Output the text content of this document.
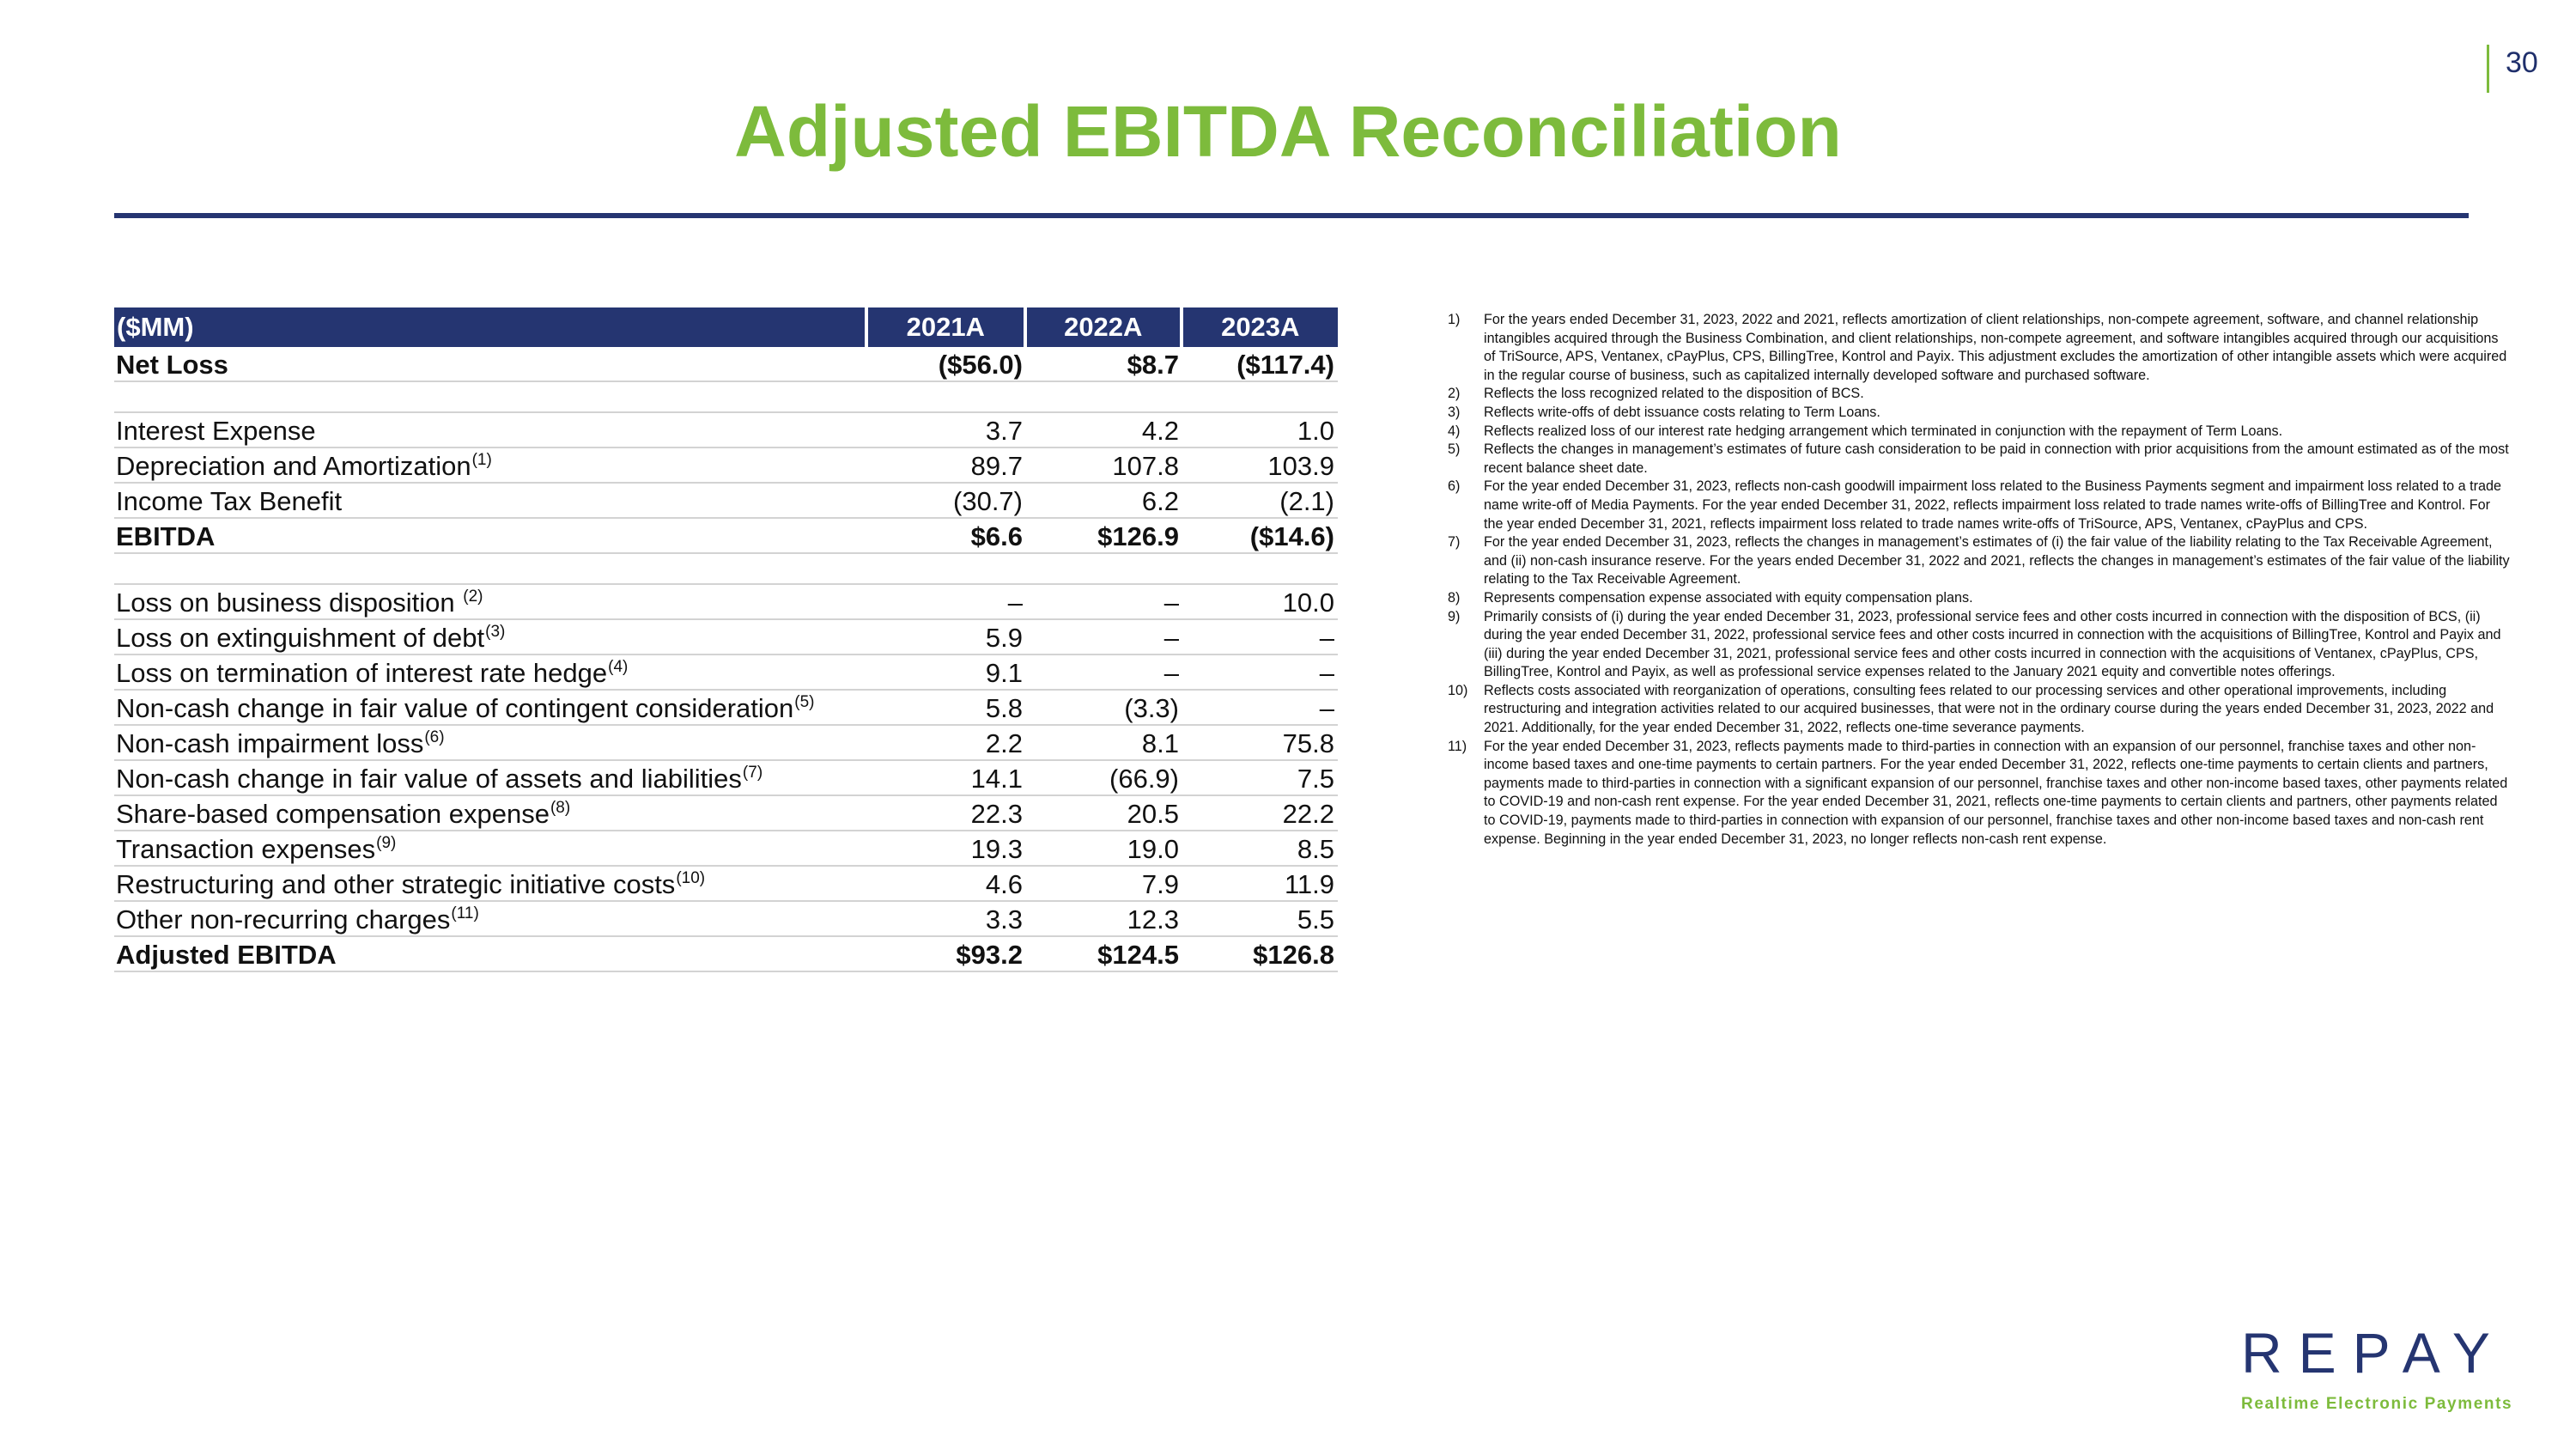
30
Adjusted EBITDA Reconciliation
($MM)	2021A	2022A	2023A
Net Loss	($56.0)	$8.7	($117.4)
Interest Expense	3.7	4.2	1.0
Depreciation and Amortization$^{(1)}$	89.7	107.8	103.9
Income Tax Benefit	(30.7)	6.2	(2.1)
EBITDA	$6.6	$126.9	($14.6)
Loss on business disposition $^{(2)}$	–	–	10.0
Loss on extinguishment of debt$^{(3)}$	5.9	–	–
Loss on termination of interest rate hedge$^{(4)}$	9.1	–	–
Non-cash change in fair value of contingent consideration$^{(5)}$	5.8	(3.3)	–
Non-cash impairment loss$^{(6)}$	2.2	8.1	75.8
Non-cash change in fair value of assets and liabilities$^{(7)}$	14.1	(66.9)	7.5
Share-based compensation expense$^{(8)}$	22.3	20.5	22.2
Transaction expenses$^{(9)}$	19.3	19.0	8.5
Restructuring and other strategic initiative costs$^{(10)}$	4.6	7.9	11.9
Other non-recurring charges$^{(11)}$	3.3	12.3	5.5
Adjusted EBITDA	$93.2	$124.5	$126.8
1)	For the years ended December 31, 2023, 2022 and 2021, reflects amortization of client relationships, non-compete agreement, software, and channel relationship intangibles acquired through the Business Combination, and client relationships, non-compete agreement, and software intangibles acquired through our acquisitions of TriSource, APS, Ventanex, cPayPlus, CPS, BillingTree, Kontrol and Payix. This adjustment excludes the amortization of other intangible assets which were acquired in the regular course of business, such as capitalized internally developed software and purchased software.
2)	Reflects the loss recognized related to the disposition of BCS.
3)	Reflects write-offs of debt issuance costs relating to Term Loans.
4)	Reflects realized loss of our interest rate hedging arrangement which terminated in conjunction with the repayment of Term Loans.
5)	Reflects the changes in management’s estimates of future cash consideration to be paid in connection with prior acquisitions from the amount estimated as of the most recent balance sheet date.
6)	For the year ended December 31, 2023, reflects non-cash goodwill impairment loss related to the Business Payments segment and impairment loss related to a trade name write-off of Media Payments. For the year ended December 31, 2022, reflects impairment loss related to trade names write-offs of BillingTree and Kontrol. For the year ended December 31, 2021, reflects impairment loss related to trade names write-offs of TriSource, APS, Ventanex, cPayPlus and CPS.
7)	For the year ended December 31, 2023, reflects the changes in management’s estimates of (i) the fair value of the liability relating to the Tax Receivable Agreement, and (ii) non-cash insurance reserve. For the years ended December 31, 2022 and 2021, reflects the changes in management’s estimates of the fair value of the liability relating to the Tax Receivable Agreement.
8)	Represents compensation expense associated with equity compensation plans.
9)	Primarily consists of (i) during the year ended December 31, 2023, professional service fees and other costs incurred in connection with the disposition of BCS, (ii) during the year ended December 31, 2022, professional service fees and other costs incurred in connection with the acquisitions of BillingTree, Kontrol and Payix and (iii) during the year ended December 31, 2021, professional service fees and other costs incurred in connection with the acquisitions of Ventanex, cPayPlus, CPS, BillingTree, Kontrol and Payix, as well as professional service expenses related to the January 2021 equity and convertible notes offerings.
10)	Reflects costs associated with reorganization of operations, consulting fees related to our processing services and other operational improvements, including restructuring and integration activities related to our acquired businesses, that were not in the ordinary course during the years ended December 31, 2023, 2022 and 2021. Additionally, for the year ended December 31, 2022, reflects one-time severance payments.
11)	For the year ended December 31, 2023, reflects payments made to third-parties in connection with an expansion of our personnel, franchise taxes and other non-income based taxes and one-time payments to certain partners. For the year ended December 31, 2022, reflects one-time payments to certain clients and partners, payments made to third-parties in connection with a significant expansion of our personnel, franchise taxes and other non-income based taxes, other payments related to COVID-19 and non-cash rent expense. For the year ended December 31, 2021, reflects one-time payments to certain clients and partners, other payments related to COVID-19, payments made to third-parties in connection with expansion of our personnel, franchise taxes and other non-income based taxes and non-cash rent expense. Beginning in the year ended December 31, 2023, no longer reflects non-cash rent expense.
REPAY
Realtime Electronic Payments
